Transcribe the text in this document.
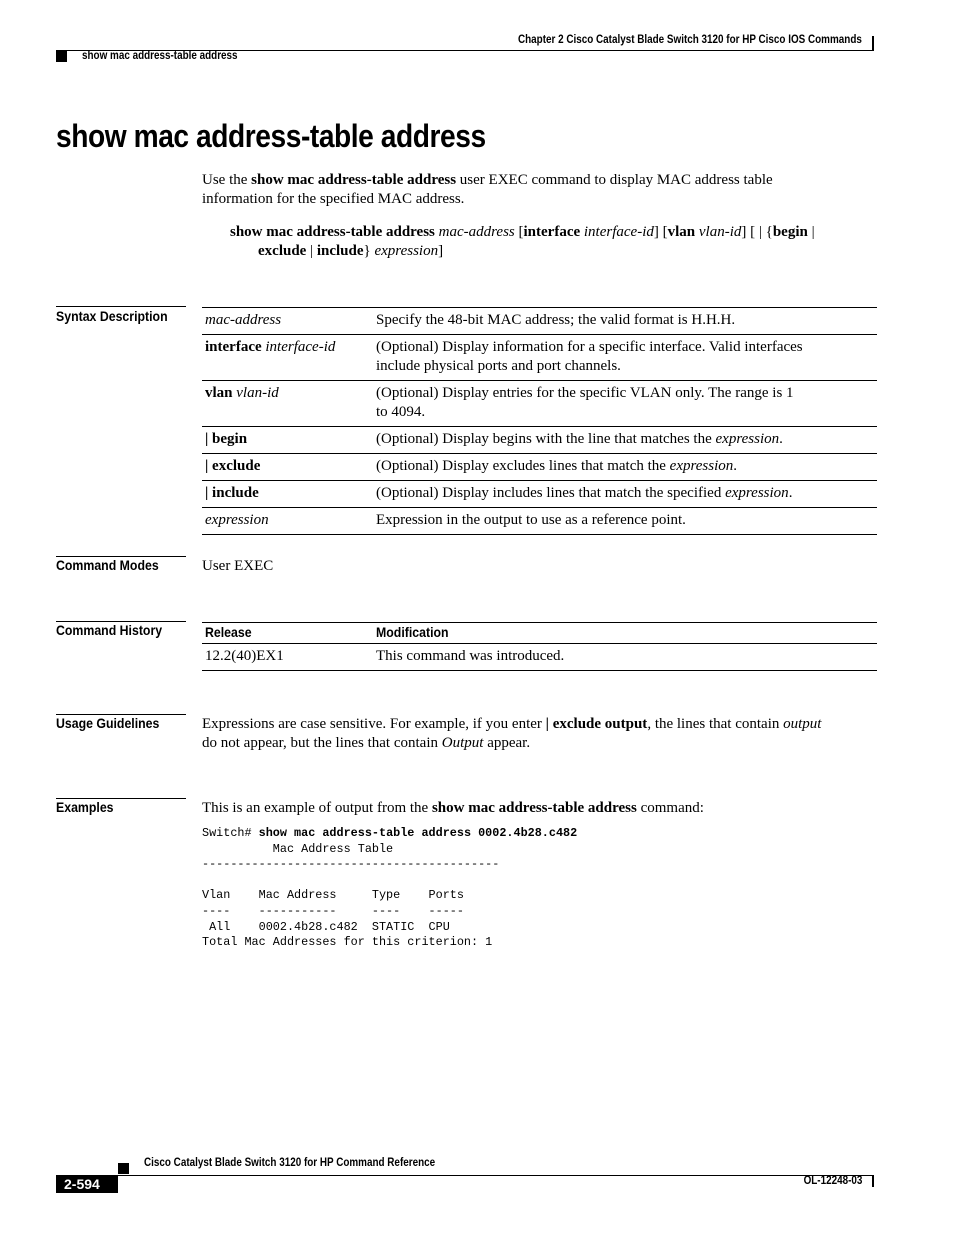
Chapter 2 Cisco Catalyst Blade Switch 3120 for HP Cisco IOS Commands
show mac address-table address
show mac address-table address
Use the show mac address-table address user EXEC command to display MAC address table
information for the specified MAC address.
show mac address-table address mac-address [interface interface-id] [vlan vlan-id] [ | {begin |
exclude | include} expression]
Syntax Description mac-address	Specify the 48-bit MAC address; the valid format is H.H.H.
interface interface-id	(Optional) Display information for a specific interface. Valid interfaces
include physical ports and port channels.
vlan vlan-id	(Optional) Display entries for the specific VLAN only. The range is 1
to 4094.
| begin	(Optional) Display begins with the line that matches the expression.
| exclude	(Optional) Display excludes lines that match the expression.
| include	(Optional) Display includes lines that match the specified expression.
expression	Expression in the output to use as a reference point.
Command Modes	User EXEC
Command History	Release	Modification
12.2(40)EX1	This command was introduced.
Usage Guidelines	Expressions are case sensitive. For example, if you enter | exclude output, the lines that contain output
do not appear, but the lines that contain Output appear.
Examples	This is an example of output from the show mac address-table address command:
Switch# show mac address-table address 0002.4b28.c482
Mac Address Table
------------------------------------------

Vlan    Mac Address     Type    Ports
----    -----------     ----    -----
All    0002.4b28.c482  STATIC  CPU
Total Mac Addresses for this criterion: 1
Cisco Catalyst Blade Switch 3120 for HP Command Reference
2-594	OL-12248-03
